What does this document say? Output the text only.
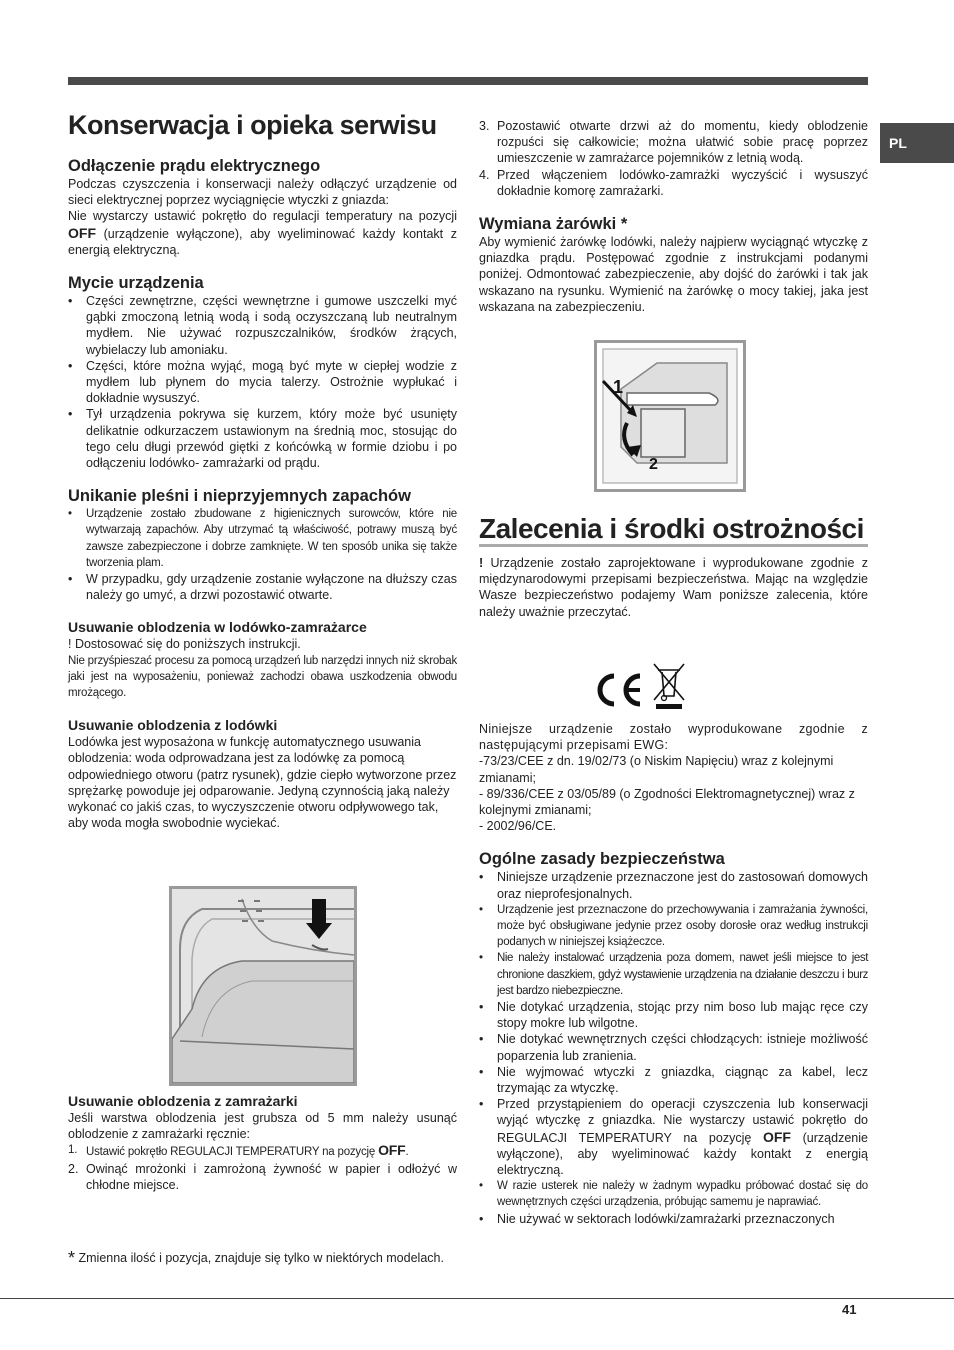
PL
Konserwacja i opieka serwisu
Odłączenie prądu elektrycznego

Podczas czyszczenia i konserwacji należy odłączyć urządzenie od sieci elektrycznej poprzez wyciągnięcie wtyczki z gniazda:

Nie wystarczy ustawić pokrętło do regulacji temperatury na pozycji OFF (urządzenie wyłączone), aby wyeliminować każdy kontakt z energią elektryczną.

Mycie urządzenia
• Części zewnętrzne, części wewnętrzne i gumowe uszczelki myć gąbki zmoczoną letnią wodą i sodą oczyszczaną lub neutralnym mydłem. Nie używać rozpuszczalników, środków żrących, wybielaczy lub amoniaku.
• Części, które można wyjąć, mogą być myte w ciepłej wodzie z mydłem lub płynem do mycia talerzy. Ostrożnie wypłukać i dokładnie wysuszyć.
• Tył urządzenia pokrywa się kurzem, który może być usunięty delikatnie odkurzaczem ustawionym na średnią moc, stosując do tego celu długi przewód giętki z końcówką w formie dziobu i po odłączeniu lodówko- zamrażarki od prądu.
Unikanie pleśni i nieprzyjemnych zapachów
• Urządzenie zostało zbudowane z higienicznych surowców, które nie wytwarzają zapachów. Aby utrzymać tą właściwość, potrawy muszą być zawsze zabezpieczone i dobrze zamknięte. W ten sposób unika się także tworzenia plam.
• W przypadku, gdy urządzenie zostanie wyłączone na dłuższy czas należy go umyć, a drzwi pozostawić otwarte.
Usuwanie oblodzenia w lodówko-zamrażarce

! Dostosować się do poniższych instrukcji.

Nie przyśpieszać procesu za pomocą urządzeń lub narzędzi innych niż skrobak jaki jest na wyposażeniu, ponieważ zachodzi obawa uszkodzenia obwodu mrożącego.

Usuwanie oblodzenia z lodówki

Lodówka jest wyposażona w funkcję automatycznego usuwania oblodzenia: woda odprowadzana jest za lodówkę za pomocą odpowiedniego otworu (patrz rysunek), gdzie ciepło wytworzone przez sprężarkę powoduje jej odparowanie. Jedyną czynnością jaką należy wykonać co jakiś czas, to wyczyszczenie otworu odpływowego tak, aby woda mogła swobodnie wyciekać.

Usuwanie oblodzenia z zamrażarki

Jeśli warstwa oblodzenia jest grubsza od 5 mm należy usunąć oblodzenie z zamrażarki ręcznie:

1. Ustawić pokrętło REGULACJI TEMPERATURY na pozycję OFF.
2. Owinąć mrożonki i zamrożoną żywność w papier i odłożyć w chłodne miejsce.

* Zmienna ilość i pozycja, znajduje się tylko w niektórych modelach.

3. Pozostawić otwarte drzwi aż do momentu, kiedy oblodzenie rozpuści się całkowicie; można ułatwić sobie pracę poprzez umieszczenie w zamrażarce pojemników z letnią wodą.
4. Przed włączeniem lodówko-zamrażki wyczyścić i wysuszyć dokładnie komorę zamrażarki.
Wymiana żarówki *

Aby wymienić żarówkę lodówki, należy najpierw wyciągnąć wtyczkę z gniazdka prądu. Postępować zgodnie z instrukcjami podanymi poniżej. Odmontować zabezpieczenie, aby dojść do żarówki i tak jak wskazano na rysunku. Wymienić na żarówkę o mocy takiej, jaka jest wskazana na zabezpieczeniu.

1
2
Zalecenia i środki ostrożności

! Urządzenie zostało zaprojektowane i wyprodukowane zgodnie z międzynarodowymi przepisami bezpieczeństwa. Mając na względzie Wasze bezpieczeństwo podajemy Wam poniższe zalecenia, które należy uważnie przeczytać.

Niniejsze urządzenie zostało wyprodukowane zgodnie z następującymi przepisami EWG:

-73/23/CEE z dn. 19/02/73 (o Niskim Napięciu) wraz z kolejnymi zmianami;

- 89/336/CEE z 03/05/89 (o Zgodności Elektromagnetycznej) wraz z kolejnymi zmianami;

- 2002/96/CE.

Ogólne zasady bezpieczeństwa
• Niniejsze urządzenie przeznaczone jest do zastosowań domowych oraz nieprofesjonalnych.
• Urządzenie jest przeznaczone do przechowywania i zamrażania żywności, może być obsługiwane jedynie przez osoby dorosłe oraz według instrukcji podanych w niniejszej książeczce.
• Nie należy instalować urządzenia poza domem, nawet jeśli miejsce to jest chronione daszkiem, gdyż wystawienie urządzenia na działanie deszczu i burz jest bardzo niebezpieczne.
• Nie dotykać urządzenia, stojąc przy nim boso lub mając ręce czy stopy mokre lub wilgotne.
• Nie dotykać wewnętrznych części chłodzących: istnieje możliwość poparzenia lub zranienia.
• Nie wyjmować wtyczki z gniazdka, ciągnąc za kabel, lecz trzymając za wtyczkę.
• Przed przystąpieniem do operacji czyszczenia lub konserwacji wyjąć wtyczkę z gniazdka. Nie wystarczy ustawić pokrętło do REGULACJI TEMPERATURY na pozycję OFF (urządzenie wyłączone), aby wyeliminować każdy kontakt z energią elektryczną.
• W razie usterek nie należy w żadnym wypadku próbować dostać się do wewnętrznych części urządzenia, próbując samemu je naprawiać.
• Nie używać w sektorach lodówki/zamrażarki przeznaczonych
41
